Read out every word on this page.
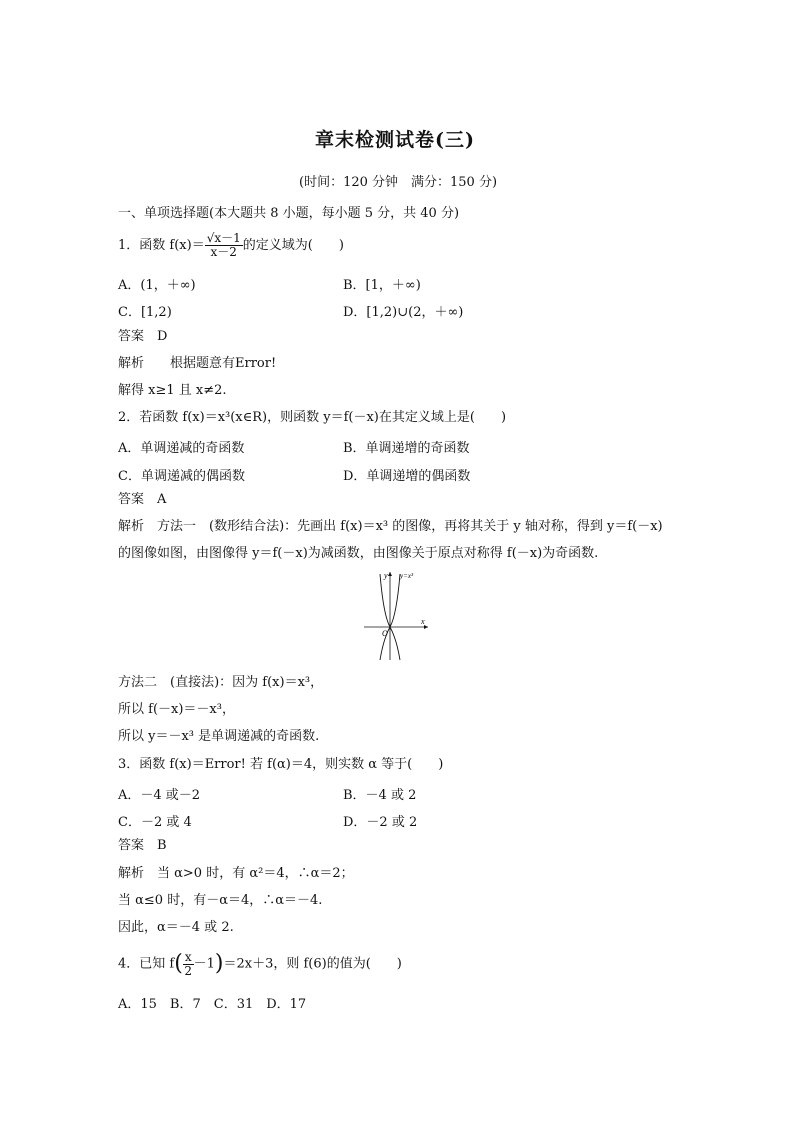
章末检测试卷(三)
(时间：120 分钟　满分：150 分)
一、单项选择题(本大题共 8 小题，每小题 5 分，共 40 分)
1．函数 $f(x)= \frac{√x-1}{x-2}$ 的定义域为(　　)
A．(1，＋∞)	B．[1，＋∞)
C．[1,2)	D．[1,2)∪(2，＋∞)
答案　D
解析　　根据题意有Error!
解得 x≥1 且 x≠2.
2．若函数 f(x)＝x³(x∈R)，则函数 y＝f(－x)在其定义域上是(　　)
A．单调递减的奇函数	B．单调递增的奇函数
C．单调递减的偶函数	D．单调递增的偶函数
答案　A
解析　方法一　(数形结合法)：先画出 f(x)＝x³ 的图像，再将其关于 y 轴对称，得到 y＝f(－x)
的图像如图，由图像得 y＝f(－x)为减函数，由图像关于原点对称得 f(－x)为奇函数.
y y=x³
x
O
方法二　(直接法)：因为 f(x)＝x³，
所以 f(－x)＝－x³，
所以 y＝－x³ 是单调递减的奇函数.
3．函数 f(x)＝Error! 若 f(α)＝4，则实数 α 等于(　　)
A．－4 或－2	B．－4 或 2
C．－2 或 4	D．－2 或 2
答案　B
解析　当 α>0 时，有 α²＝4，∴α＝2；
当 α≤0 时，有－α＝4，∴α＝－4.
因此，α＝－4 或 2.
4．已知 $f( \frac{x}{2} -1)=2x+3$，则 f(6)的值为(　　)
A．15　B．7　C．31　D．17
